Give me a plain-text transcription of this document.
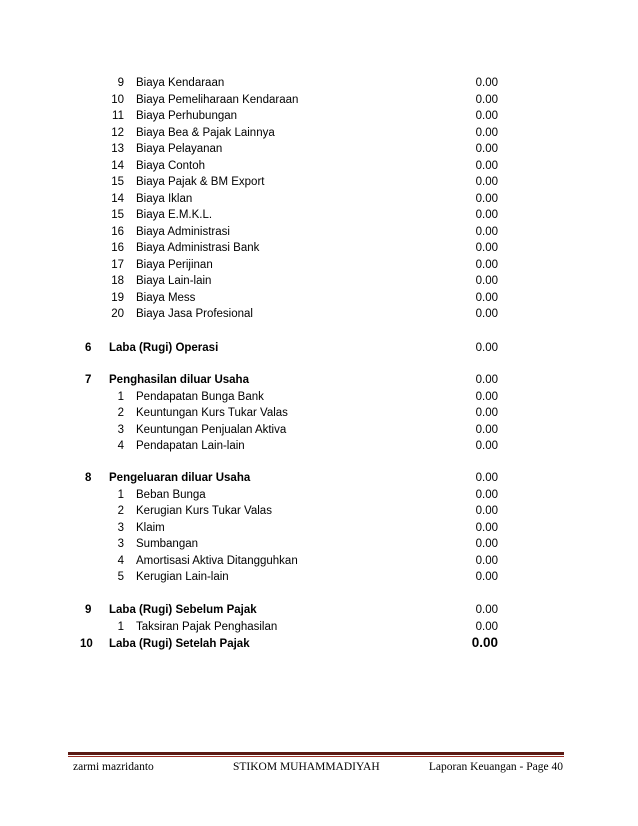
9 Biaya Kendaraan	0.00
10 Biaya Pemeliharaan Kendaraan	0.00
11 Biaya Perhubungan	0.00
12 Biaya Bea & Pajak Lainnya	0.00
13 Biaya Pelayanan	0.00
14 Biaya Contoh	0.00
15 Biaya Pajak & BM Export	0.00
14 Biaya Iklan	0.00
15 Biaya E.M.K.L.	0.00
16 Biaya Administrasi	0.00
16 Biaya Administrasi Bank	0.00
17 Biaya Perijinan	0.00
18 Biaya Lain-lain	0.00
19 Biaya Mess	0.00
20 Biaya Jasa Profesional	0.00
6 Laba (Rugi) Operasi	0.00
7 Penghasilan diluar Usaha	0.00
1 Pendapatan Bunga Bank	0.00
2 Keuntungan Kurs Tukar Valas	0.00
3 Keuntungan Penjualan Aktiva	0.00
4 Pendapatan Lain-lain	0.00
8 Pengeluaran diluar Usaha	0.00
1 Beban Bunga	0.00
2 Kerugian Kurs Tukar Valas	0.00
3 Klaim	0.00
3 Sumbangan	0.00
4 Amortisasi Aktiva Ditangguhkan	0.00
5 Kerugian Lain-lain	0.00
9 Laba (Rugi) Sebelum Pajak	0.00
1 Taksiran Pajak Penghasilan	0.00
10 Laba (Rugi) Setelah Pajak	0.00
zarmi mazridanto	STIKOM MUHAMMADIYAH	Laporan Keuangan - Page 40
